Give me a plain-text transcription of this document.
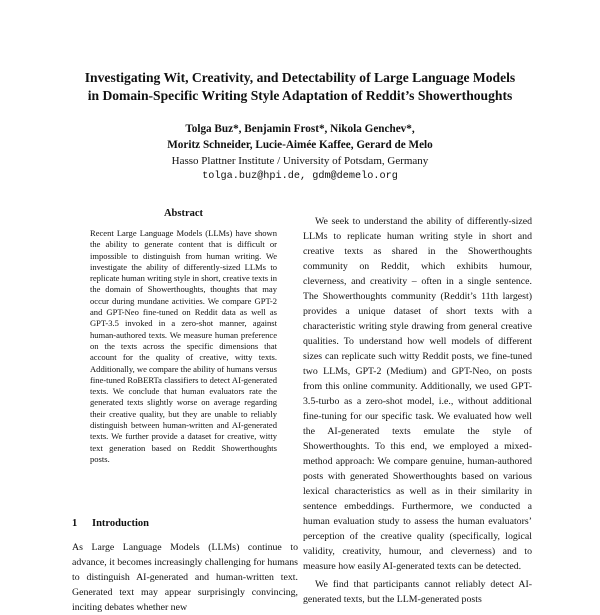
Investigating Wit, Creativity, and Detectability of Large Language Models
in Domain-Specific Writing Style Adaptation of Reddit’s Showerthoughts
Tolga Buz*, Benjamin Frost*, Nikola Genchev*,
Moritz Schneider, Lucie-Aimée Kaffee, Gerard de Melo
Hasso Plattner Institute / University of Potsdam, Germany
tolga.buz@hpi.de, gdm@demelo.org
Abstract

Recent Large Language Models (LLMs) have shown the ability to generate content that is difficult or impossible to distinguish from human writing. We investigate the ability of differently-sized LLMs to replicate human writing style in short, creative texts in the domain of Showerthoughts, thoughts that may occur during mundane activities. We compare GPT-2 and GPT-Neo fine-tuned on Reddit data as well as GPT-3.5 invoked in a zero-shot manner, against human-authored texts. We measure human preference on the texts across the specific dimensions that account for the quality of creative, witty texts. Additionally, we compare the ability of humans versus fine-tuned RoBERTa classifiers to detect AI-generated texts. We conclude that human evaluators rate the generated texts slightly worse on average regarding their creative quality, but they are unable to reliably distinguish between human-written and AI-generated texts. We further provide a dataset for creative, witty text generation based on Reddit Showerthoughts posts.

1 Introduction

As Large Language Models (LLMs) continue to advance, it becomes increasingly challenging for humans to distinguish AI-generated and human-written text. Generated text may appear surprisingly convincing, inciting debates whether new

We seek to understand the ability of differently-sized LLMs to replicate human writing style in short and creative texts as shared in the Showerthoughts community on Reddit, which exhibits humour, cleverness, and creativity – often in a single sentence. The Showerthoughts community (Reddit’s 11th largest) provides a unique dataset of short texts with a characteristic writing style drawing from general creative qualities. To understand how well models of different sizes can replicate such witty Reddit posts, we fine-tuned two LLMs, GPT-2 (Medium) and GPT-Neo, on posts from this online community. Additionally, we used GPT-3.5-turbo as a zero-shot model, i.e., without additional fine-tuning for our specific task. We evaluated how well the AI-generated texts emulate the style of Showerthoughts. To this end, we employed a mixed-method approach: We compare genuine, human-authored posts with generated Showerthoughts based on various lexical characteristics as well as in their similarity in sentence embeddings. Furthermore, we conducted a human evaluation study to assess the human evaluators’ perception of the creative quality (specifically, logical validity, creativity, humour, and cleverness) and to measure how easily AI-generated texts can be detected.

We find that participants cannot reliably detect AI-generated texts, but the LLM-generated posts
